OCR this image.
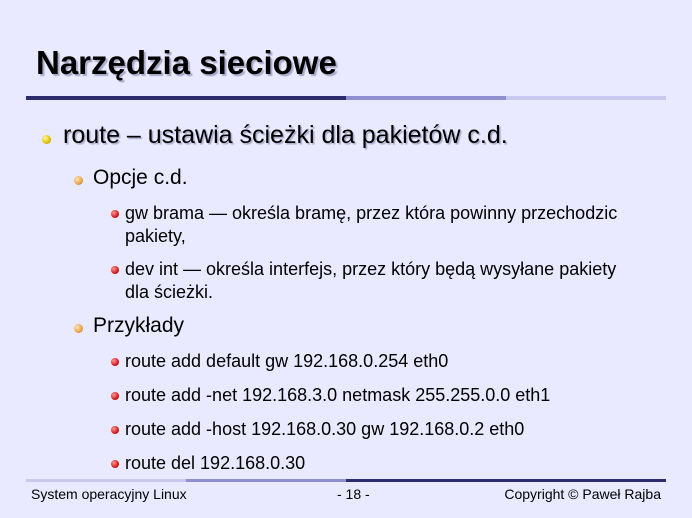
Narzędzia sieciowe
route – ustawia ścieżki dla pakietów c.d.
Opcje c.d.
gw brama — określa bramę, przez która powinny przechodzic pakiety,
dev int — określa interfejs, przez który będą wysyłane pakiety dla ścieżki.
Przykłady
route add default gw 192.168.0.254 eth0
route add -net 192.168.3.0 netmask 255.255.0.0 eth1
route add -host 192.168.0.30 gw 192.168.0.2 eth0
route del 192.168.0.30
System operacyjny Linux	- 18 -	Copyright © Paweł Rajba
